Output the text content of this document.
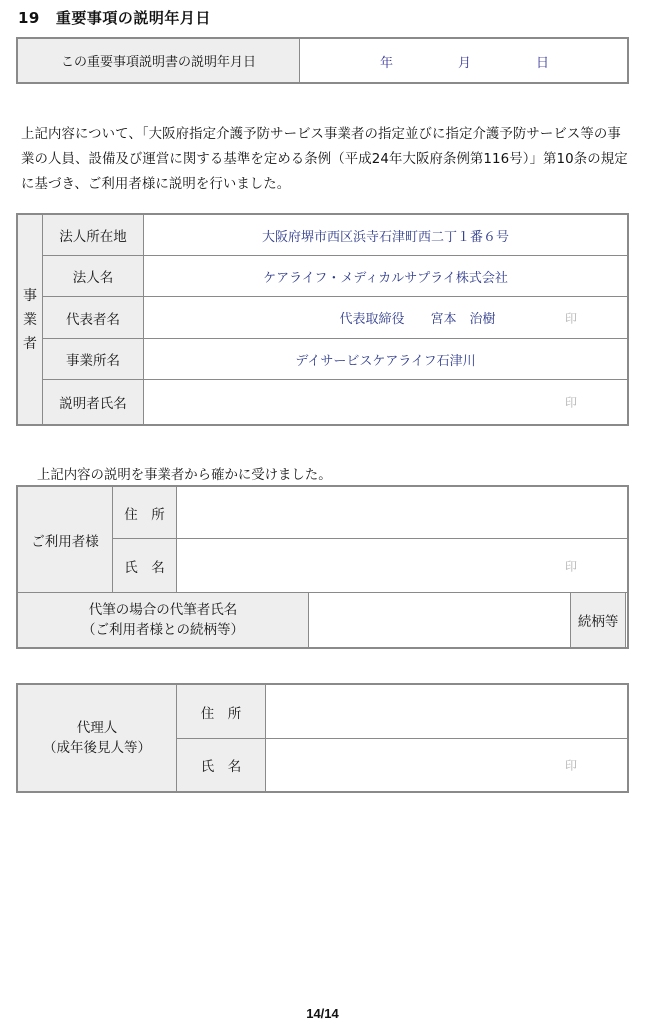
19 重要事項の説明年月日
この重要事項説明書の説明年月日	年	月	日
上記内容について、「大阪府指定介護予防サービス事業者の指定並びに指定介護予防サービス等の事業の人員、設備及び運営に関する基準を定める条例（平成24年大阪府条例第116号）」第10条の規定に基づき、ご利用者様に説明を行いました。
事
業
者	法人所在地	大阪府堺市西区浜寺石津町西二丁１番６号
	法人名	ケアライフ・メディカルサプライ株式会社
	代表者名	代表取締役　　宮本　治樹 印

	事業所名	デイサービスケアライフ石津川
	説明者氏名	印
上記内容の説明を事業者から確かに受けました。
ご利用者様	住　所				
	氏　名	印			

代筆の場合の代筆者氏名
（ご利用者様との続柄等）				続柄等	
代理人
（成年後見人等）	住　所	
	氏　名	印
14/14
